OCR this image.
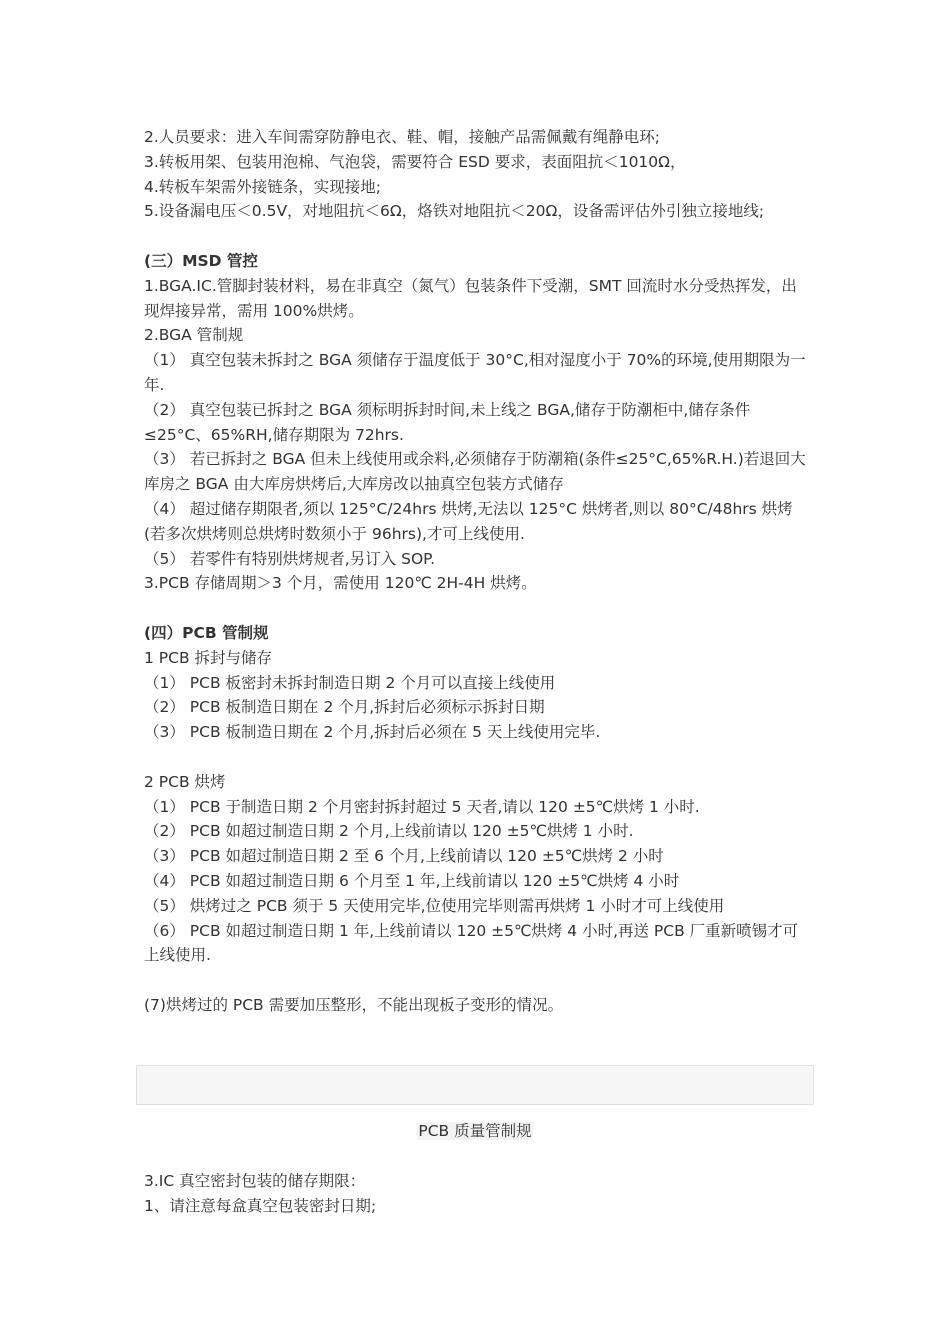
2.人员要求：进入车间需穿防静电衣、鞋、帽，接触产品需佩戴有绳静电环;
3.转板用架、包装用泡棉、气泡袋，需要符合 ESD 要求，表面阻抗＜1010Ω，
4.转板车架需外接链条，实现接地;
5.设备漏电压＜0.5V，对地阻抗＜6Ω，烙铁对地阻抗＜20Ω，设备需评估外引独立接地线;
(三）MSD 管控
1.BGA.IC.管脚封装材料，易在非真空（氮气）包装条件下受潮，SMT 回流时水分受热挥发，出现焊接异常，需用 100%烘烤。
2.BGA 管制规
（1） 真空包装未拆封之 BGA 须储存于温度低于 30°C,相对湿度小于 70%的环境,使用期限为一年.
（2） 真空包装已拆封之 BGA 须标明拆封时间,未上线之 BGA,储存于防潮柜中,储存条件≤25°C、65%RH,储存期限为 72hrs.
（3） 若已拆封之 BGA 但未上线使用或余料,必须储存于防潮箱(条件≤25°C,65%R.H.)若退回大库房之 BGA 由大库房烘烤后,大库房改以抽真空包装方式储存
（4） 超过储存期限者,须以 125°C/24hrs 烘烤,无法以 125°C 烘烤者,则以 80°C/48hrs 烘烤(若多次烘烤则总烘烤时数须小于 96hrs),才可上线使用.
（5） 若零件有特别烘烤规者,另订入 SOP.
3.PCB 存储周期＞3 个月，需使用 120℃ 2H-4H 烘烤。
(四）PCB 管制规
1 PCB 拆封与储存
（1） PCB 板密封未拆封制造日期 2 个月可以直接上线使用
（2） PCB 板制造日期在 2 个月,拆封后必须标示拆封日期
（3） PCB 板制造日期在 2 个月,拆封后必须在 5 天上线使用完毕.
2 PCB 烘烤
（1） PCB 于制造日期 2 个月密封拆封超过 5 天者,请以 120 ±5℃烘烤 1 小时.
（2） PCB 如超过制造日期 2 个月,上线前请以 120 ±5℃烘烤 1 小时.
（3） PCB 如超过制造日期 2 至 6 个月,上线前请以 120 ±5℃烘烤 2 小时
（4） PCB 如超过制造日期 6 个月至 1 年,上线前请以 120 ±5℃烘烤 4 小时
（5） 烘烤过之 PCB 须于 5 天使用完毕,位使用完毕则需再烘烤 1 小时才可上线使用
（6） PCB 如超过制造日期 1 年,上线前请以 120 ±5℃烘烤 4 小时,再送 PCB 厂重新喷锡才可上线使用.
(7)烘烤过的 PCB 需要加压整形，不能出现板子变形的情况。
PCB 质量管制规
3.IC 真空密封包装的储存期限：
1、请注意每盒真空包装密封日期;
